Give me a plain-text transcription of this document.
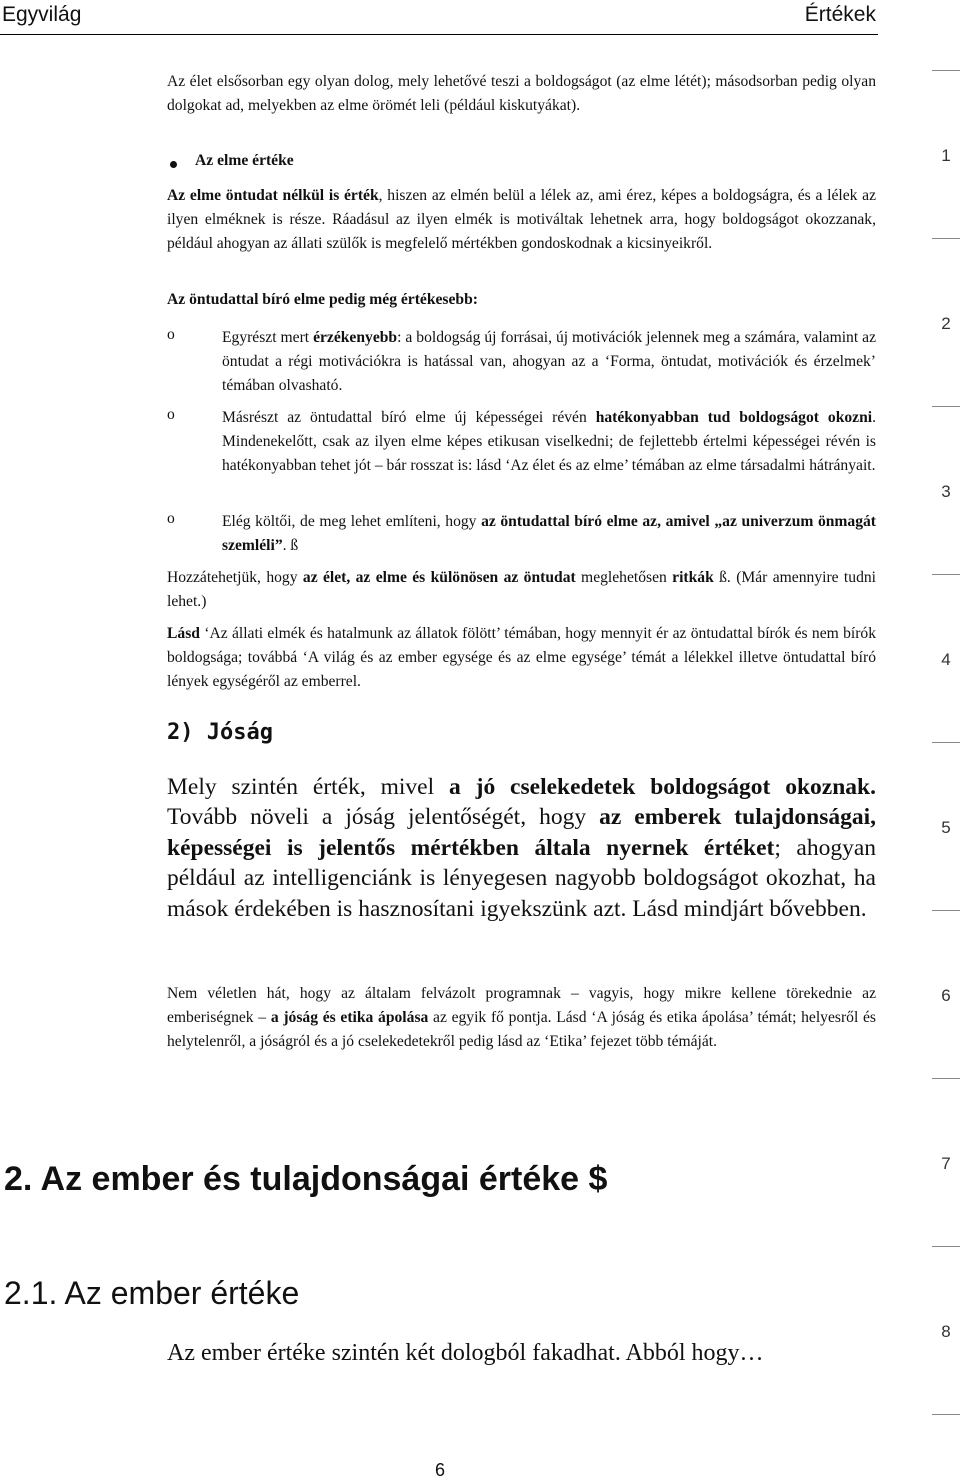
Egyvilág	Értékek
Az élet elsősorban egy olyan dolog, mely lehetővé teszi a boldogságot (az elme létét); másodsorban pedig olyan dolgokat ad, melyekben az elme örömét leli (például kiskutyákat).
Az elme értéke
Az elme öntudat nélkül is érték, hiszen az elmén belül a lélek az, ami érez, képes a boldogságra, és a lélek az ilyen elméknek is része. Ráadásul az ilyen elmék is motiváltak lehetnek arra, hogy boldogságot okozzanak, például ahogyan az állati szülők is megfelelő mértékben gondoskodnak a kicsinyeikről.
Az öntudattal bíró elme pedig még értékesebb:
o	Egyrészt mert érzékenyebb: a boldogság új forrásai, új motivációk jelennek meg a számára, valamint az öntudat a régi motivációkra is hatással van, ahogyan az a ‘Forma, öntudat, motivációk és érzelmek’ témában olvasható.
o	Másrészt az öntudattal bíró elme új képességei révén hatékonyabban tud boldogságot okozni. Mindenekelőtt, csak az ilyen elme képes etikusan viselkedni; de fejlettebb értelmi képességei révén is hatékonyabban tehet jót – bár rosszat is: lásd ‘Az élet és az elme’ témában az elme társadalmi hátrányait.
o	Elég költői, de meg lehet említeni, hogy az öntudattal bíró elme az, amivel „az univerzum önmagát szemléli”. ß
Hozzátehetjük, hogy az élet, az elme és különösen az öntudat meglehetősen ritkák ß. (Már amennyire tudni lehet.)
Lásd ‘Az állati elmék és hatalmunk az állatok fölött’ témában, hogy mennyit ér az öntudattal bírók és nem bírók boldogsága; továbbá ‘A világ és az ember egysége és az elme egysége’ témát a lélekkel illetve öntudattal bíró lények egységéről az emberrel.
2) Jóság
Mely szintén érték, mivel a jó cselekedetek boldogságot okoznak. Tovább növeli a jóság jelentőségét, hogy az emberek tulajdonságai, képességei is jelentős mértékben általa nyernek értéket; ahogyan például az intelligenciánk is lényegesen nagyobb boldogságot okozhat, ha mások érdekében is hasznosítani igyekszünk azt. Lásd mindjárt bővebben.
Nem véletlen hát, hogy az általam felvázolt programnak – vagyis, hogy mikre kellene törekednie az emberiségnek – a jóság és etika ápolása az egyik fő pontja. Lásd ‘A jóság és etika ápolása’ témát; helyesről és helytelenről, a jóságról és a jó cselekedetekről pedig lásd az ‘Etika’ fejezet több témáját.
2. Az ember és tulajdonságai értéke $
2.1. Az ember értéke
Az ember értéke szintén két dologból fakadhat. Abból hogy…
6
1
2
3
4
5
6
7
8
